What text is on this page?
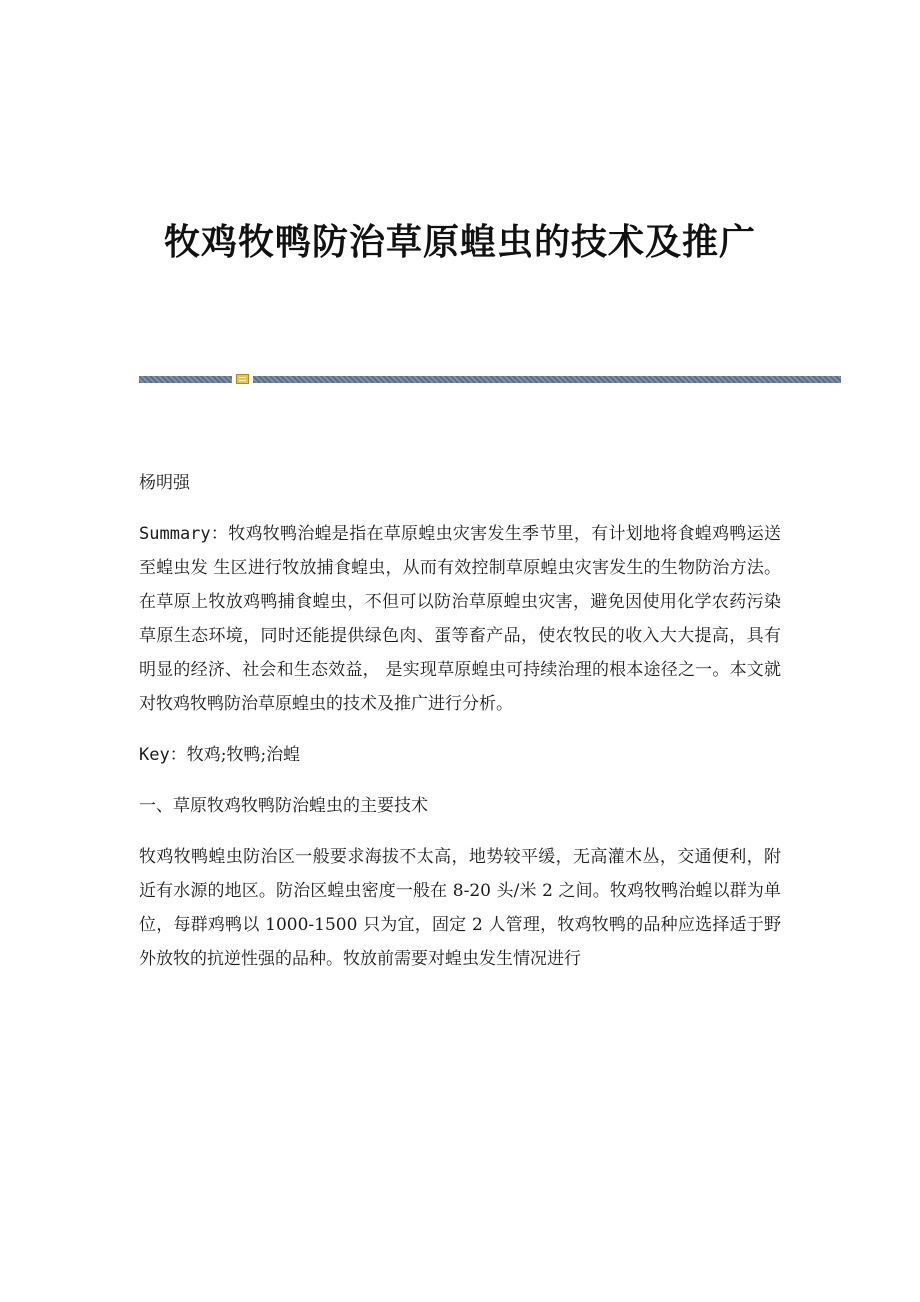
牧鸡牧鸭防治草原蝗虫的技术及推广

杨明强

Summary：牧鸡牧鸭治蝗是指在草原蝗虫灾害发生季节里，有计划地将食蝗鸡鸭运送至蝗虫发 生区进行牧放捕食蝗虫，从而有效控制草原蝗虫灾害发生的生物防治方法。在草原上牧放鸡鸭捕食蝗虫，不但可以防治草原蝗虫灾害，避免因使用化学农药污染草原生态环境，同时还能提供绿色肉、蛋等畜产品，使农牧民的收入大大提高，具有明显的经济、社会和生态效益， 是实现草原蝗虫可持续治理的根本途径之一。本文就对牧鸡牧鸭防治草原蝗虫的技术及推广进行分析。

Key：牧鸡;牧鸭;治蝗

一、草原牧鸡牧鸭防治蝗虫的主要技术

牧鸡牧鸭蝗虫防治区一般要求海拔不太高，地势较平缓，无高灌木丛，交通便利，附近有水源的地区。防治区蝗虫密度一般在 8-20 头/米 2 之间。牧鸡牧鸭治蝗以群为单位，每群鸡鸭以 1000-1500 只为宜，固定 2 人管理，牧鸡牧鸭的品种应选择适于野外放牧的抗逆性强的品种。牧放前需要对蝗虫发生情况进行
